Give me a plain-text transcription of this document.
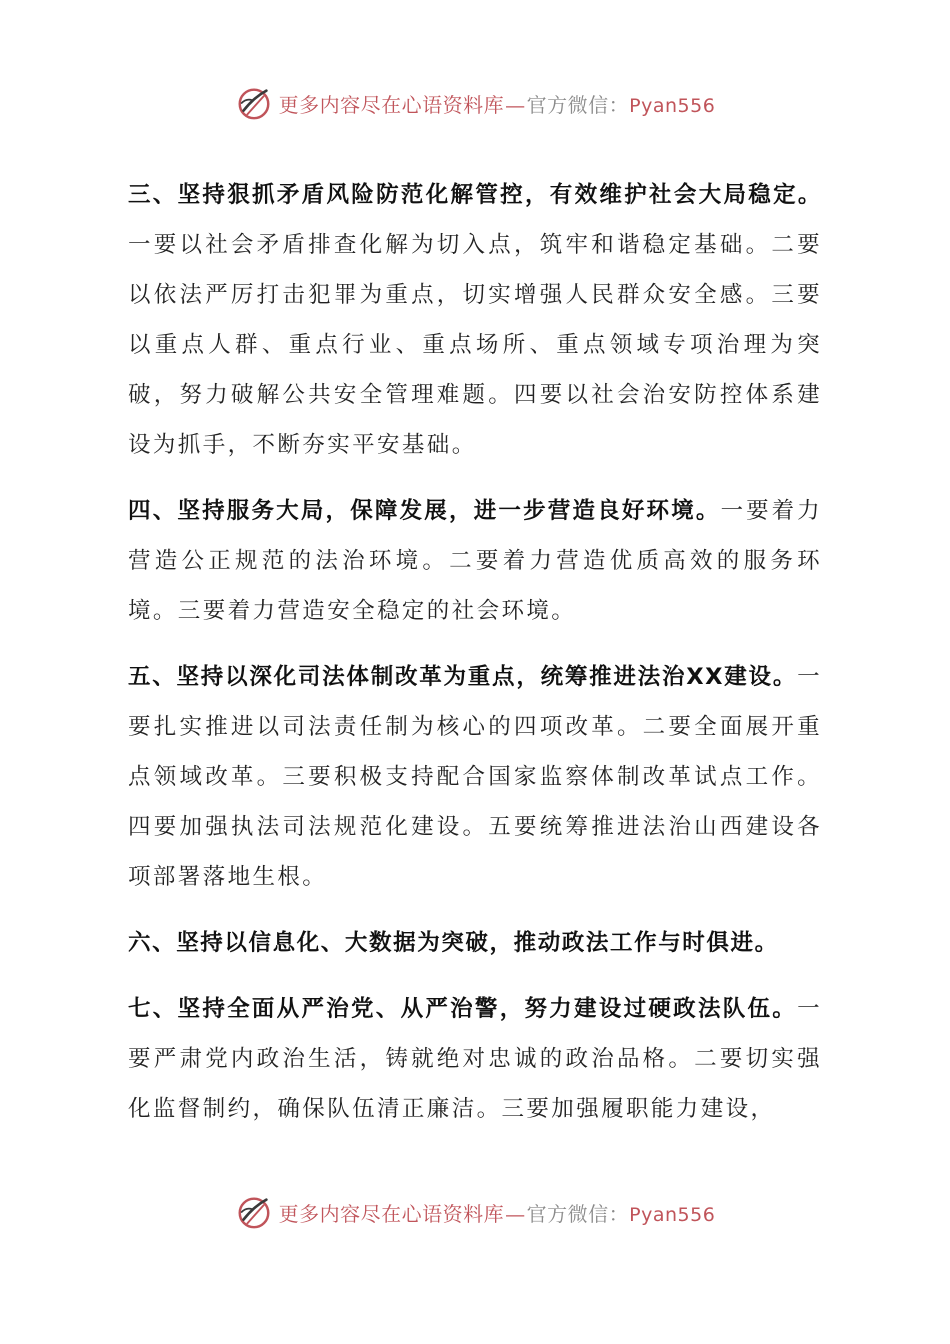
更多内容尽在心语资料库—官方微信：Pyan556

三、坚持狠抓矛盾风险防范化解管控，有效维护社会大局稳定。一要以社会矛盾排查化解为切入点，筑牢和谐稳定基础。二要以依法严厉打击犯罪为重点，切实增强人民群众安全感。三要以重点人群、重点行业、重点场所、重点领域专项治理为突破，努力破解公共安全管理难题。四要以社会治安防控体系建设为抓手，不断夯实平安基础。

四、坚持服务大局，保障发展，进一步营造良好环境。一要着力营造公正规范的法治环境。二要着力营造优质高效的服务环境。三要着力营造安全稳定的社会环境。

五、坚持以深化司法体制改革为重点，统筹推进法治XX建设。一要扎实推进以司法责任制为核心的四项改革。二要全面展开重点领域改革。三要积极支持配合国家监察体制改革试点工作。四要加强执法司法规范化建设。五要统筹推进法治山西建设各项部署落地生根。

六、坚持以信息化、大数据为突破，推动政法工作与时俱进。

七、坚持全面从严治党、从严治警，努力建设过硬政法队伍。一要严肃党内政治生活，铸就绝对忠诚的政治品格。二要切实强化监督制约，确保队伍清正廉洁。三要加强履职能力建设，

更多内容尽在心语资料库—官方微信：Pyan556
